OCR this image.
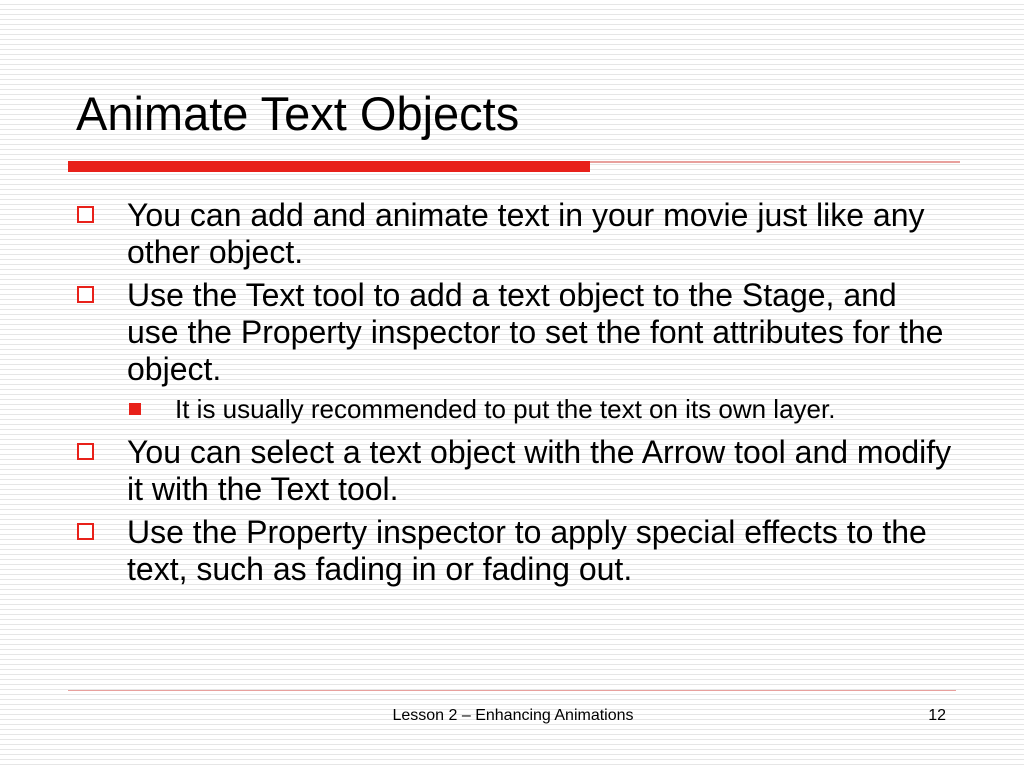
Animate Text Objects
You can add and animate text in your movie just like any other object.
Use the Text tool to add a text object to the Stage, and use the Property inspector to set the font attributes for the object.
It is usually recommended to put the text on its own layer.
You can select a text object with the Arrow tool and modify it with the Text tool.
Use the Property inspector to apply special effects to the text, such as fading in or fading out.
Lesson 2 – Enhancing Animations	12
